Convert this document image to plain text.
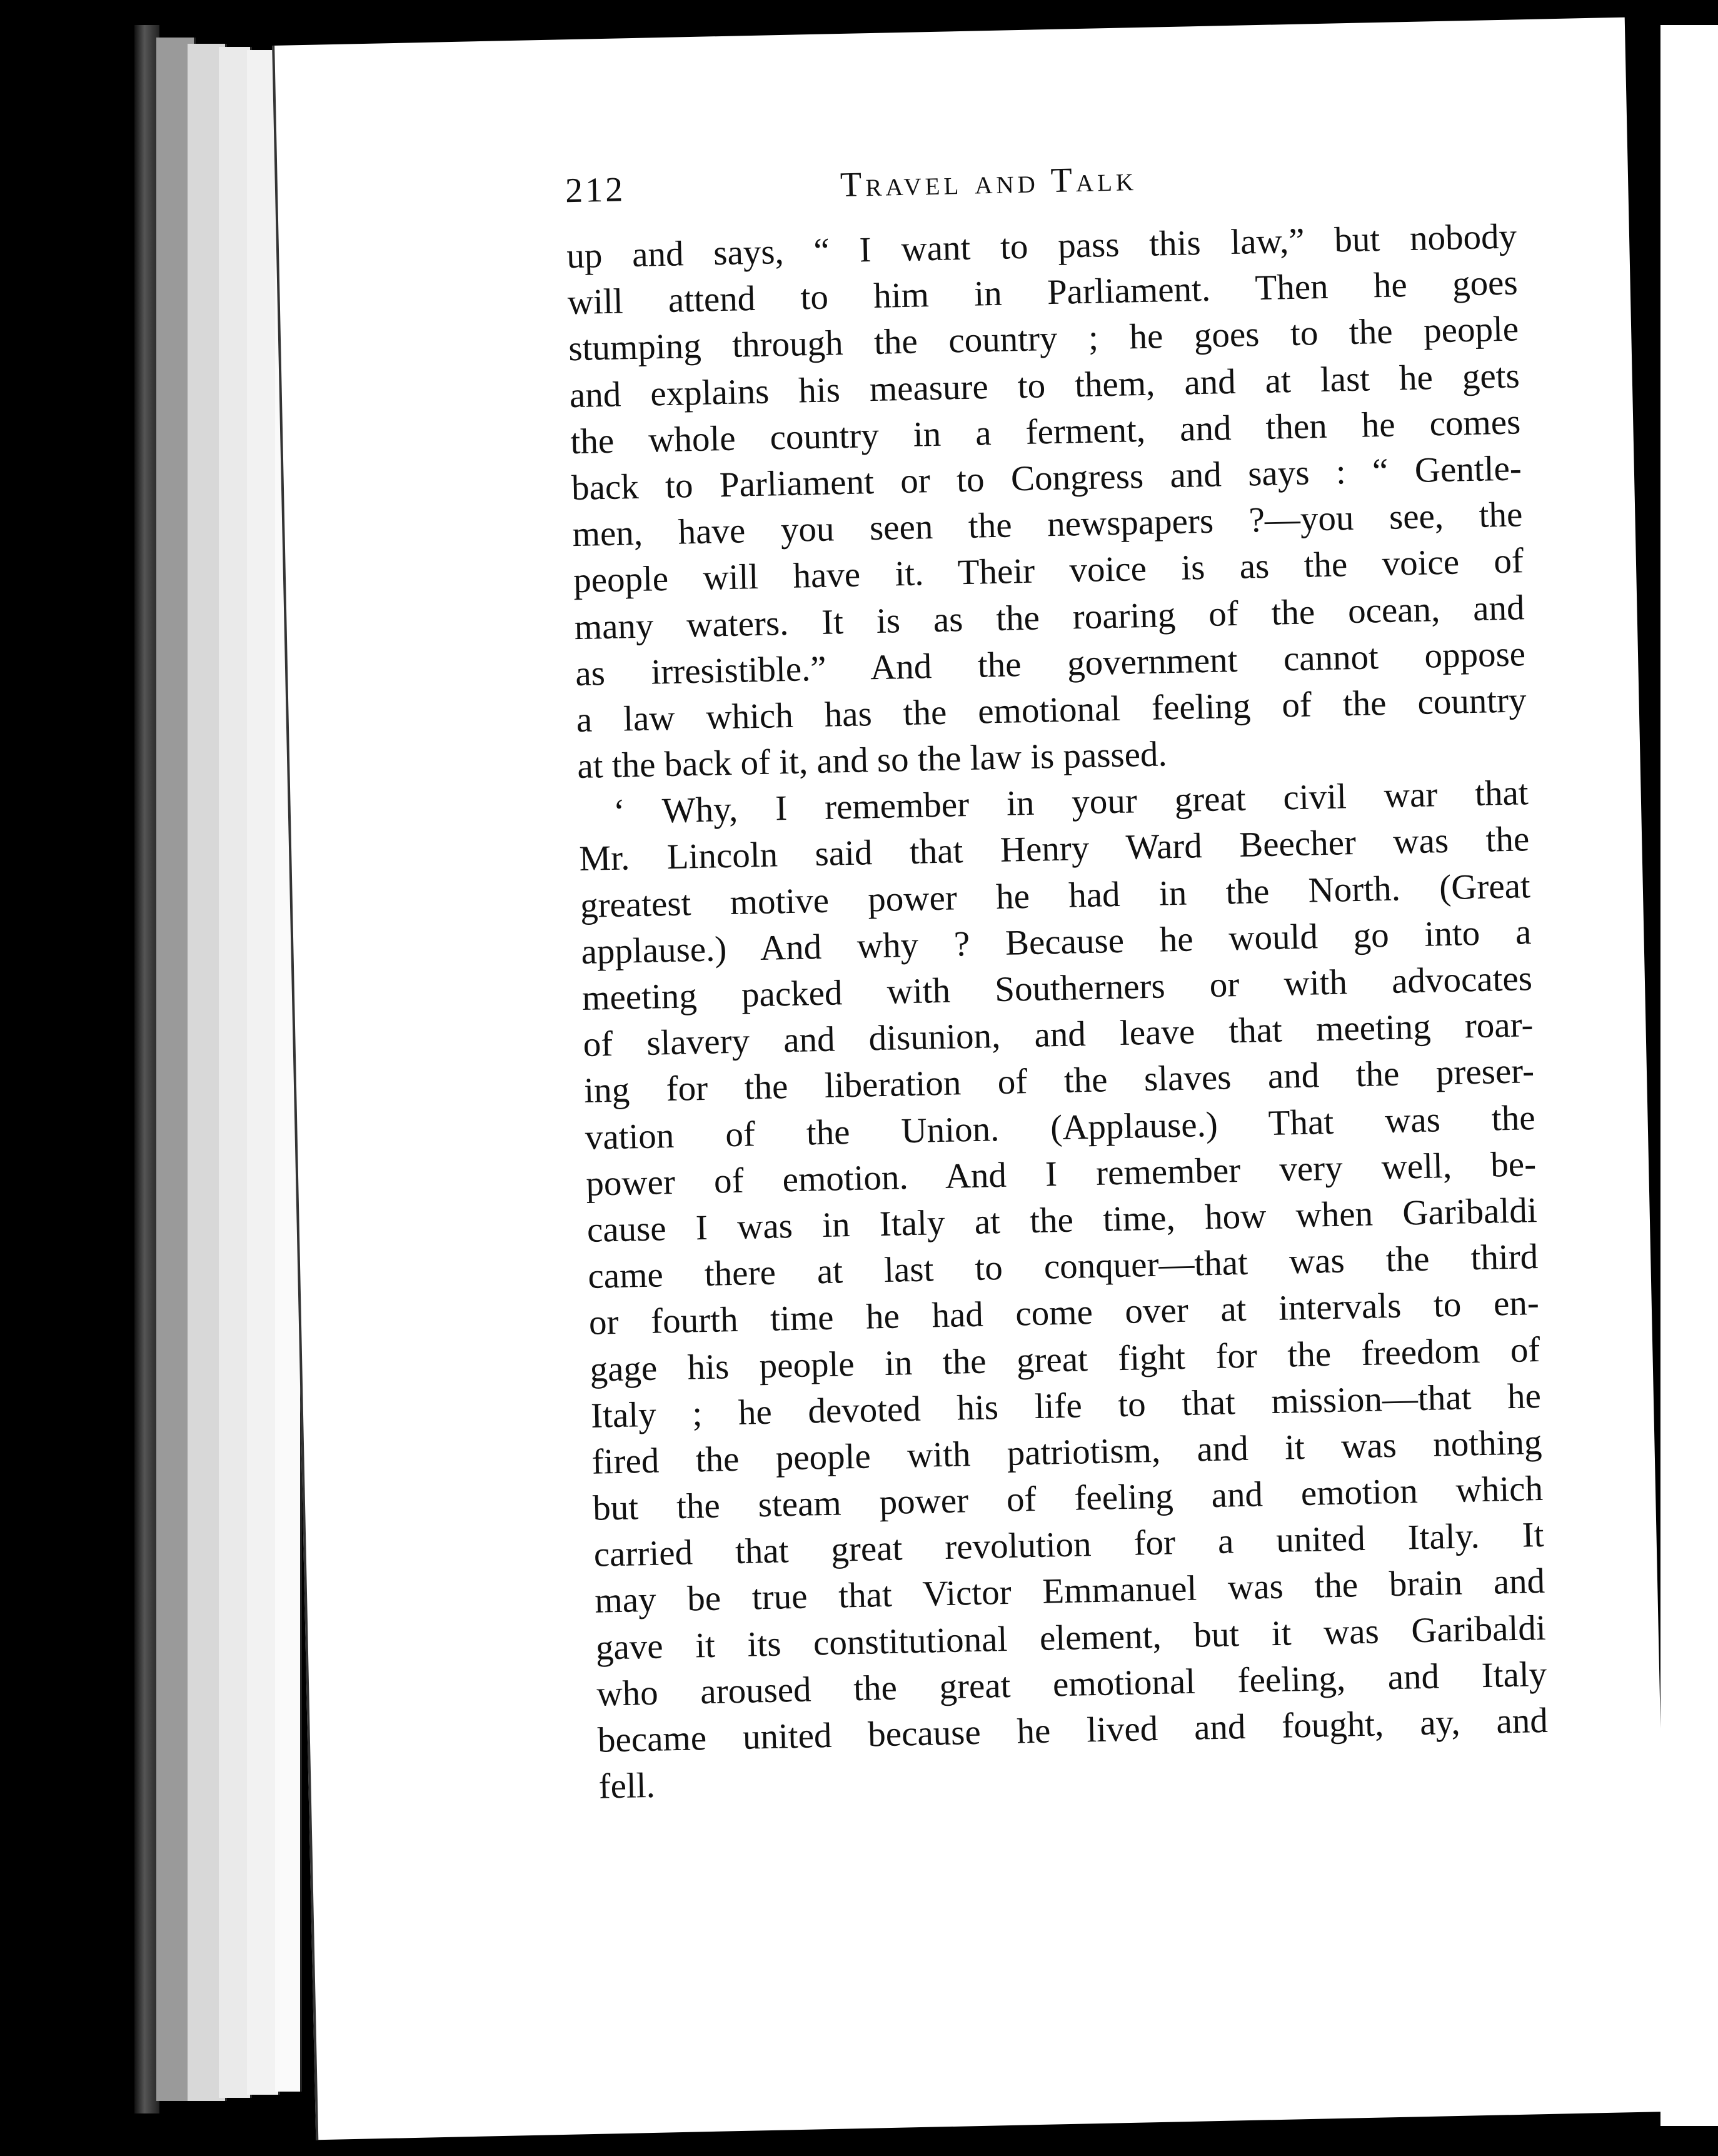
212	Travel and Talk
up and says, “ I want to pass this law,” but nobody
will attend to him in Parliament. Then he goes
stumping through the country ; he goes to the people
and explains his measure to them, and at last he gets
the whole country in a ferment, and then he comes
back to Parliament or to Congress and says : “ Gentle-
men, have you seen the newspapers ?—you see, the
people will have it. Their voice is as the voice of
many waters. It is as the roaring of the ocean, and
as irresistible.” And the government cannot oppose
a law which has the emotional feeling of the country
at the back of it, and so the law is passed.
‘ Why, I remember in your great civil war that
Mr. Lincoln said that Henry Ward Beecher was the
greatest motive power he had in the North. (Great
applause.) And why ? Because he would go into a
meeting packed with Southerners or with advocates
of slavery and disunion, and leave that meeting roar-
ing for the liberation of the slaves and the preser-
vation of the Union. (Applause.) That was the
power of emotion. And I remember very well, be-
cause I was in Italy at the time, how when Garibaldi
came there at last to conquer—that was the third
or fourth time he had come over at intervals to en-
gage his people in the great fight for the freedom of
Italy ; he devoted his life to that mission—that he
fired the people with patriotism, and it was nothing
but the steam power of feeling and emotion which
carried that great revolution for a united Italy. It
may be true that Victor Emmanuel was the brain and
gave it its constitutional element, but it was Garibaldi
who aroused the great emotional feeling, and Italy
became united because he lived and fought, ay, and
fell.
